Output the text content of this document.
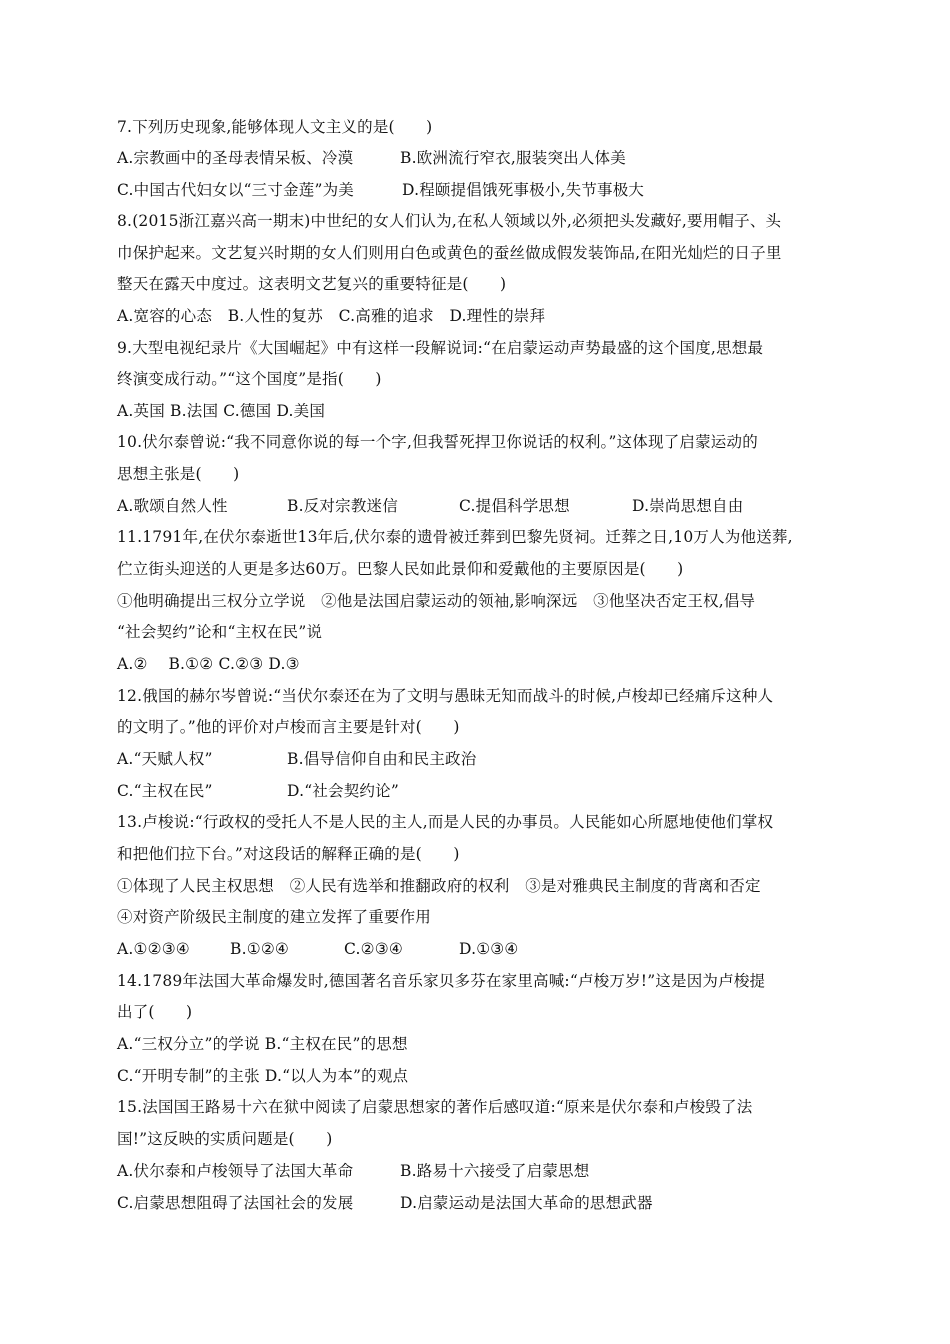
7.下列历史现象,能够体现人文主义的是(　　)
A.宗教画中的圣母表情呆板、冷漠	B.欧洲流行窄衣,服装突出人体美
C.中国古代妇女以“三寸金莲”为美	D.程颐提倡饿死事极小,失节事极大
8.(2015浙江嘉兴高一期末)中世纪的女人们认为,在私人领域以外,必须把头发藏好,要用帽子、头
巾保护起来。文艺复兴时期的女人们则用白色或黄色的蚕丝做成假发装饰品,在阳光灿烂的日子里
整天在露天中度过。这表明文艺复兴的重要特征是(　　)
A.宽容的心态　B.人性的复苏　C.高雅的追求　D.理性的崇拜
9.大型电视纪录片《大国崛起》中有这样一段解说词:“在启蒙运动声势最盛的这个国度,思想最
终演变成行动。”“这个国度”是指(　　)
A.英国 B.法国 C.德国 D.美国
10.伏尔泰曾说:“我不同意你说的每一个字,但我誓死捍卫你说话的权利。”这体现了启蒙运动的
思想主张是(　　)
A.歌颂自然人性	B.反对宗教迷信	C.提倡科学思想	D.崇尚思想自由
11.1791年,在伏尔泰逝世13年后,伏尔泰的遗骨被迁葬到巴黎先贤祠。迁葬之日,10万人为他送葬,
伫立街头迎送的人更是多达60万。巴黎人民如此景仰和爱戴他的主要原因是(　　)
①他明确提出三权分立学说　②他是法国启蒙运动的领袖,影响深远　③他坚决否定王权,倡导
“社会契约”论和“主权在民”说
A.②　 B.①② C.②③ D.③
12.俄国的赫尔岑曾说:“当伏尔泰还在为了文明与愚昧无知而战斗的时候,卢梭却已经痛斥这种人
的文明了。”他的评价对卢梭而言主要是针对(　　)
A.“天赋人权”	B.倡导信仰自由和民主政治
C.“主权在民”	D.“社会契约论”
13.卢梭说:“行政权的受托人不是人民的主人,而是人民的办事员。人民能如心所愿地使他们掌权
和把他们拉下台。”对这段话的解释正确的是(　　)
①体现了人民主权思想　②人民有选举和推翻政府的权利　③是对雅典民主制度的背离和否定
④对资产阶级民主制度的建立发挥了重要作用
A.①②③④	B.①②④	C.②③④	D.①③④
14.1789年法国大革命爆发时,德国著名音乐家贝多芬在家里高喊:“卢梭万岁!”这是因为卢梭提
出了(　　)
A.“三权分立”的学说 B.“主权在民”的思想
C.“开明专制”的主张 D.“以人为本”的观点
15.法国国王路易十六在狱中阅读了启蒙思想家的著作后感叹道:“原来是伏尔泰和卢梭毁了法
国!”这反映的实质问题是(　　)
A.伏尔泰和卢梭领导了法国大革命	B.路易十六接受了启蒙思想
C.启蒙思想阻碍了法国社会的发展	D.启蒙运动是法国大革命的思想武器
